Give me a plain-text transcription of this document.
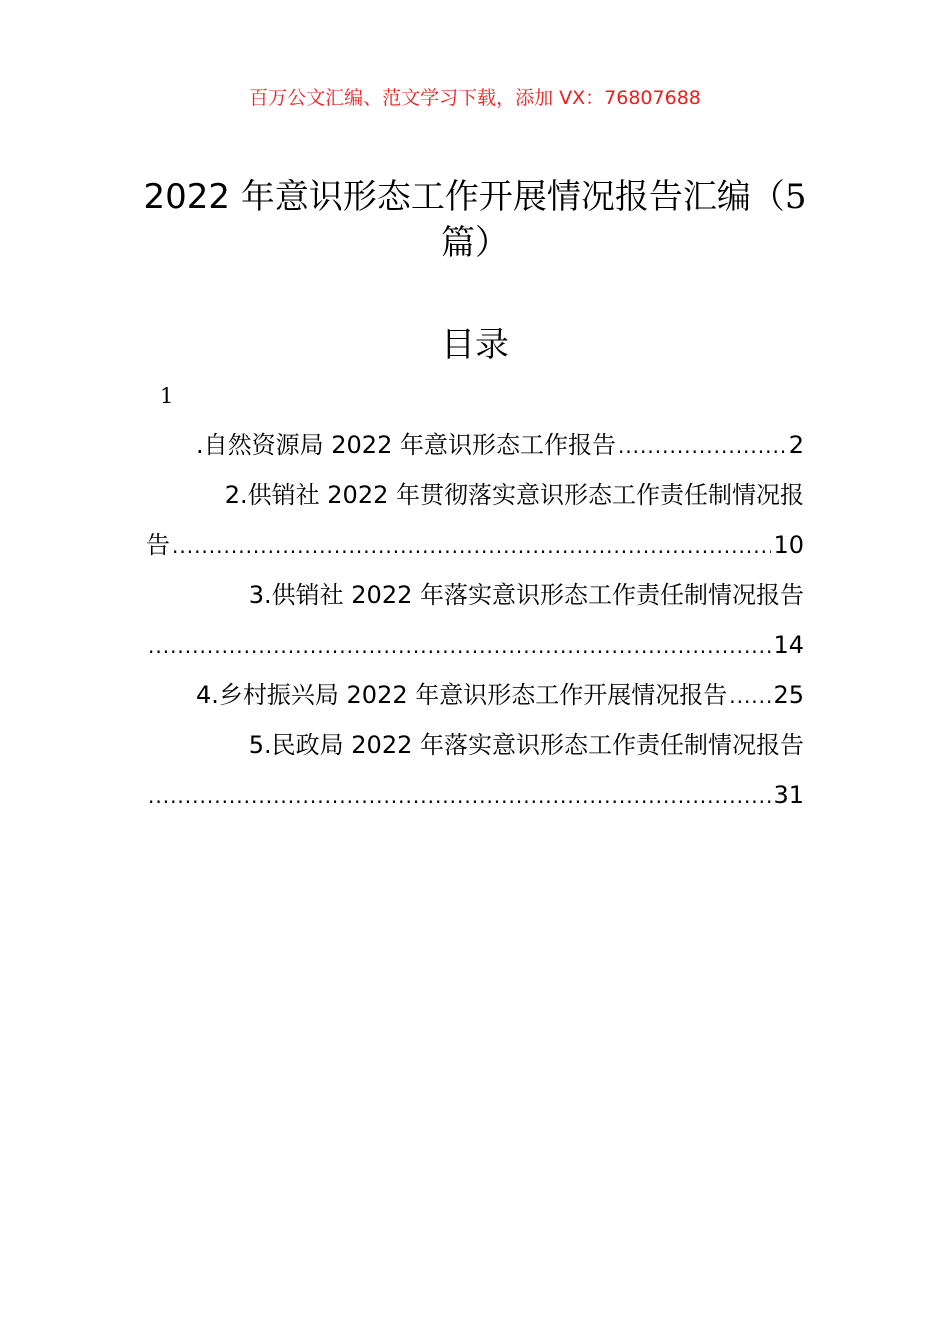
百万公文汇编、范文学习下载，添加 VX：76807688
2022 年意识形态工作开展情况报告汇编（5
篇）
目录
1
.自然资源局 2022 年意识形态工作报告 .....	2
2.供销社 2022 年贯彻落实意识形态工作责任制情况报
告 .....	10
3.供销社 2022 年落实意识形态工作责任制情况报告
.....
14
4.乡村振兴局 2022 年意识形态工作开展情况报告 ..... 25
5.民政局 2022 年落实意识形态工作责任制情况报告
.....
31
